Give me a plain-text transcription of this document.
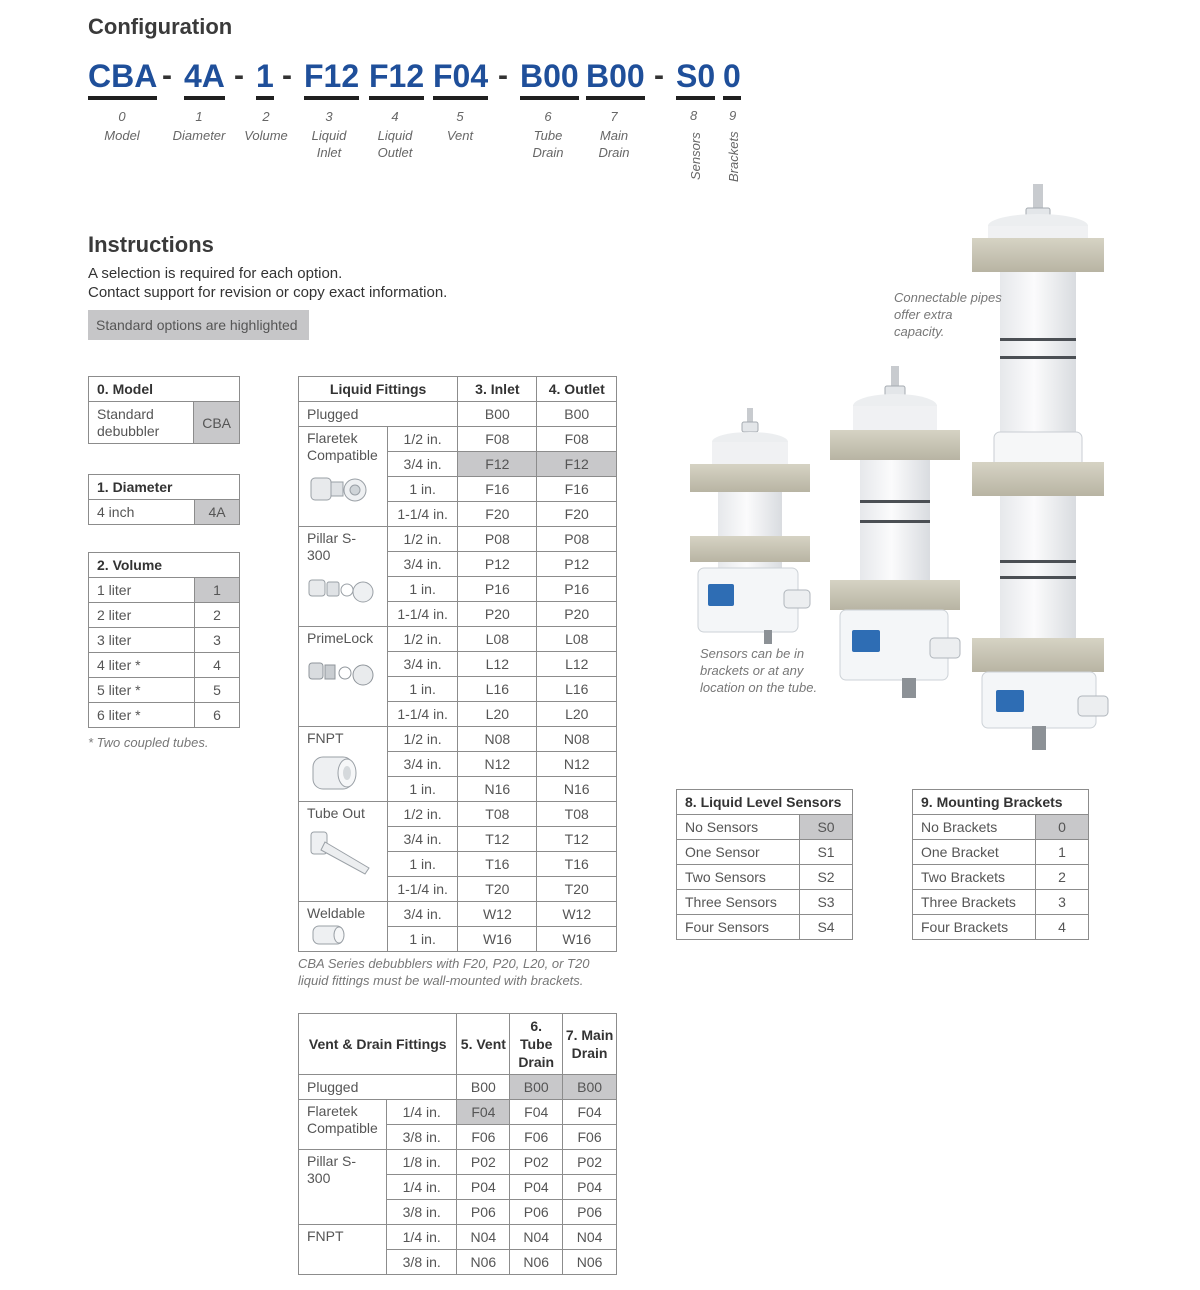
Configuration
CBA - 4A - 1 - F12 F12 F04 - B00 B00 - S0 0
0
Model
1
Diameter
2
Volume
3
Liquid Inlet
4
Liquid Outlet
5
Vent
6
Tube Drain
7
Main Drain
8
Sensors
9
Brackets
Instructions
A selection is required for each option.
Contact support for revision or copy exact information.
Standard options are highlighted
0. Model
Standard debubbler	CBA
1. Diameter
4 inch	4A
2. Volume	
1 liter	1
2 liter	2
3 liter	3
4 liter *	4
5 liter *	5
6 liter *	6
* Two coupled tubes.
Liquid Fittings		3. Inlet	4. Outlet
Plugged		B00	B00
Flaretek Compatible	1/2 in.	F08	F08
	3/4 in.	F12	F12
	1 in.	F16	F16
	1-1/4 in.	F20	F20
Pillar S-300	1/2 in.	P08	P08
	3/4 in.	P12	P12
	1 in.	P16	P16
	1-1/4 in.	P20	P20
PrimeLock	1/2 in.	L08	L08
	3/4 in.	L12	L12
	1 in.	L16	L16
	1-1/4 in.	L20	L20
FNPT	1/2 in.	N08	N08
	3/4 in.	N12	N12
	1 in.	N16	N16
Tube Out	1/2 in.	T08	T08
	3/4 in.	T12	T12
	1 in.	T16	T16
	1-1/4 in.	T20	T20
Weldable	3/4 in.	W12	W12
	1 in.	W16	W16
CBA Series debubblers with F20, P20, L20, or T20 liquid fittings must be wall-mounted with brackets.
Vent & Drain Fittings		5. Vent	6. Tube Drain	7. Main Drain
Plugged		B00	B00	B00
Flaretek Compatible	1/4 in.	F04	F04	F04
	3/8 in.	F06	F06	F06
Pillar S-300	1/8 in.	P02	P02	P02
	1/4 in.	P04	P04	P04
	3/8 in.	P06	P06	P06
FNPT	1/4 in.	N04	N04	N04
	3/8 in.	N06	N06	N06
Connectable pipes offer extra capacity.
Sensors can be in brackets or at any location on the tube.
8. Liquid Level Sensors	
No Sensors	S0
One Sensor	S1
Two Sensors	S2
Three Sensors	S3
Four Sensors	S4
9. Mounting Brackets	
No Brackets	0
One Bracket	1
Two Brackets	2
Three Brackets	3
Four Brackets	4
